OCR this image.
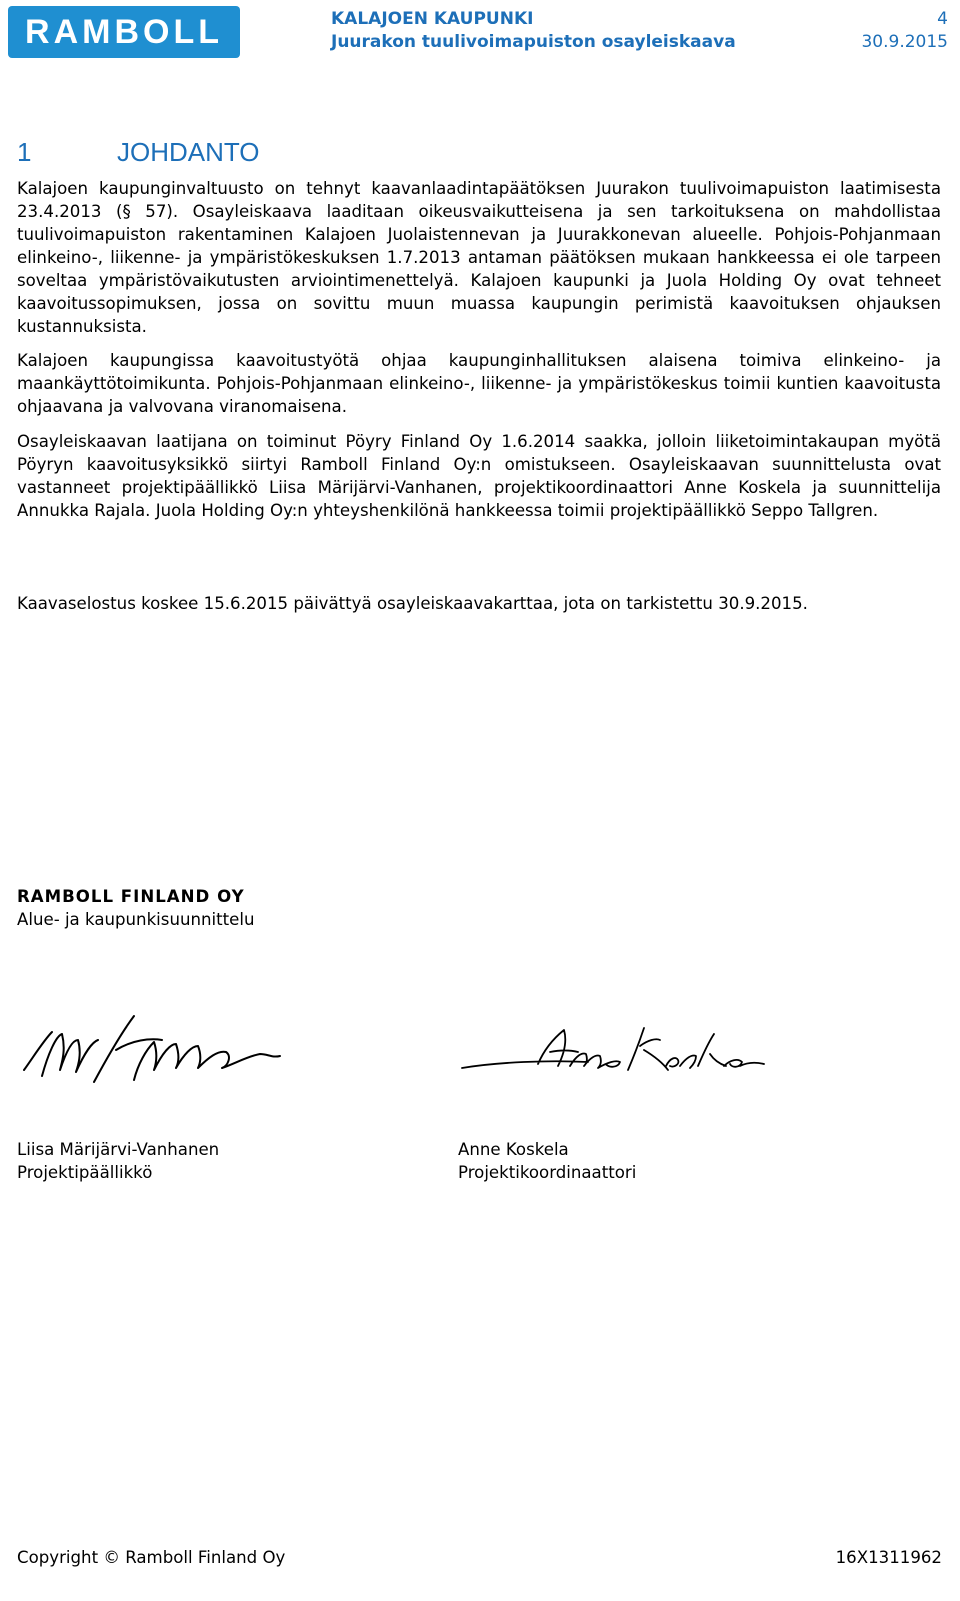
RAMBOLL	KALAJOEN KAUPUNKI
Juurakon tuulivoimapuiston osayleiskaava
4
30.9.2015
1	JOHDANTO

Kalajoen kaupunginvaltuusto on tehnyt kaavanlaadintapäätöksen Juurakon tuulivoimapuiston laatimisesta 23.4.2013 (§ 57). Osayleiskaava laaditaan oikeusvaikutteisena ja sen tarkoituksena on mahdollistaa tuulivoimapuiston rakentaminen Kalajoen Juolaistennevan ja Juurakkonevan alueelle. Pohjois-Pohjanmaan elinkeino-, liikenne- ja ympäristökeskuksen 1.7.2013 antaman päätöksen mukaan hankkeessa ei ole tarpeen soveltaa ympäristövaikutusten arviointimenettelyä. Kalajoen kaupunki ja Juola Holding Oy ovat tehneet kaavoitussopimuksen, jossa on sovittu muun muassa kaupungin perimistä kaavoituksen ohjauksen kustannuksista.

Kalajoen kaupungissa kaavoitustyötä ohjaa kaupunginhallituksen alaisena toimiva elinkeino- ja maankäyttötoimikunta. Pohjois-Pohjanmaan elinkeino-, liikenne- ja ympäristökeskus toimii kuntien kaavoitusta ohjaavana ja valvovana viranomaisena.

Osayleiskaavan laatijana on toiminut Pöyry Finland Oy 1.6.2014 saakka, jolloin liiketoimintakaupan myötä Pöyryn kaavoitusyksikkö siirtyi Ramboll Finland Oy:n omistukseen. Osayleiskaavan suunnittelusta ovat vastanneet projektipäällikkö Liisa Märijärvi-Vanhanen, projektikoordinaattori Anne Koskela ja suunnittelija Annukka Rajala. Juola Holding Oy:n yhteyshenkilönä hankkeessa toimii projektipäällikkö Seppo Tallgren.

Kaavaselostus koskee 15.6.2015 päivättyä osayleiskaavakarttaa, jota on tarkistettu 30.9.2015.

RAMBOLL FINLAND OY
Alue- ja kaupunkisuunnittelu
Liisa Märijärvi-Vanhanen
Projektipäällikkö
Anne Koskela
Projektikoordinaattori
Copyright © Ramboll Finland Oy	16X1311962
